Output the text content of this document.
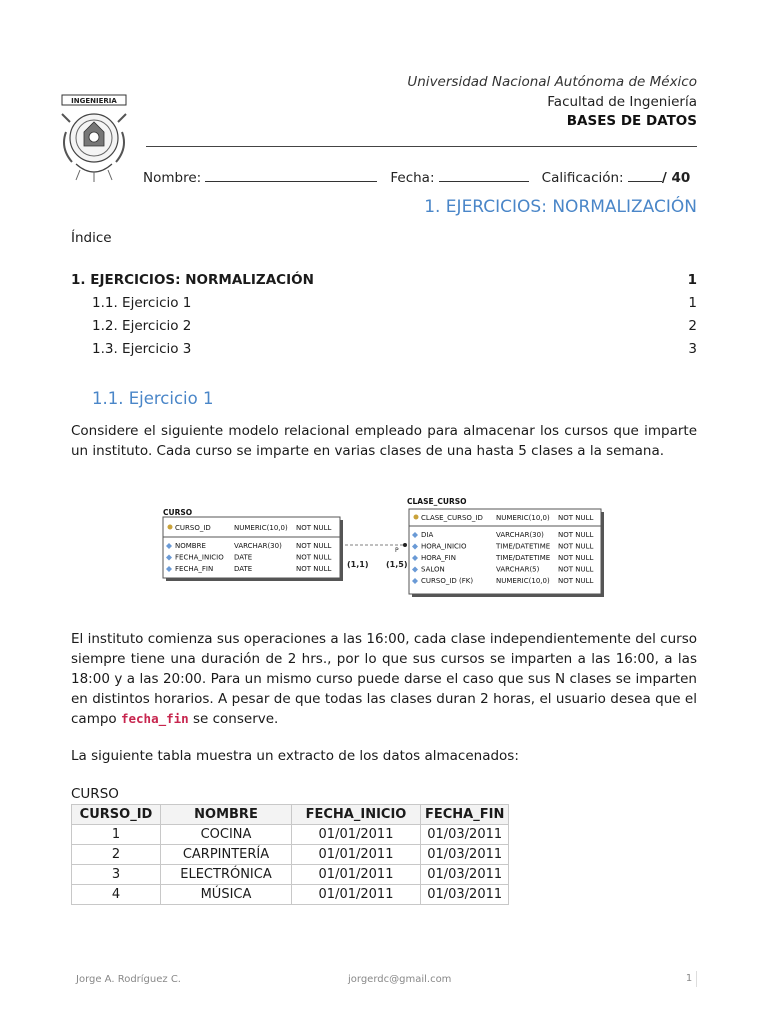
INGENIERIA
Universidad Nacional Autónoma de México
Facultad de Ingeniería
BASES DE DATOS
Nombre:	Fecha:	Calificación:	/ 40
1. EJERCICIOS: NORMALIZACIÓN
Índice
1. EJERCICIOS: NORMALIZACIÓN	1
1.1. Ejercicio 1	1
1.2. Ejercicio 2	2
1.3. Ejercicio 3	3
1.1. Ejercicio 1
Considere el siguiente modelo relacional empleado para almacenar los cursos que imparte un instituto. Cada curso se imparte en varias clases de una hasta 5 clases a la semana.
CURSO
CURSO_ID	NUMERIC(10,0) NOT NULL
NOMBRE	VARCHAR(30) NOT NULL
FECHA_INICIO DATE	NOT NULL
FECHA_FIN	DATE	NOT NULL
P
(1,1) (1,5)
CLASE_CURSO
CLASE_CURSO_ID NUMERIC(10,0) NOT NULL
DIA	VARCHAR(30) NOT NULL
HORA_INICIO	TIME/DATETIME NOT NULL
HORA_FIN	TIME/DATETIME NOT NULL
SALON	VARCHAR(5)	NOT NULL
CURSO_ID (FK)	NUMERIC(10,0) NOT NULL
El instituto comienza sus operaciones a las 16:00, cada clase independientemente del curso siempre tiene una duración de 2 hrs., por lo que sus cursos se imparten a las 16:00, a las 18:00 y a las 20:00. Para un mismo curso puede darse el caso que sus N clases se imparten en distintos horarios. A pesar de que todas las clases duran 2 horas, el usuario desea que el campo fecha_fin se conserve.
La siguiente tabla muestra un extracto de los datos almacenados:
CURSO
CURSO_ID	NOMBRE	FECHA_INICIO	FECHA_FIN
1	COCINA	01/01/2011	01/03/2011
2	CARPINTERÍA	01/01/2011	01/03/2011
3	ELECTRÓNICA	01/01/2011	01/03/2011
4	MÚSICA	01/01/2011	01/03/2011
Jorge A. Rodríguez C.	jorgerdc@gmail.com	1
